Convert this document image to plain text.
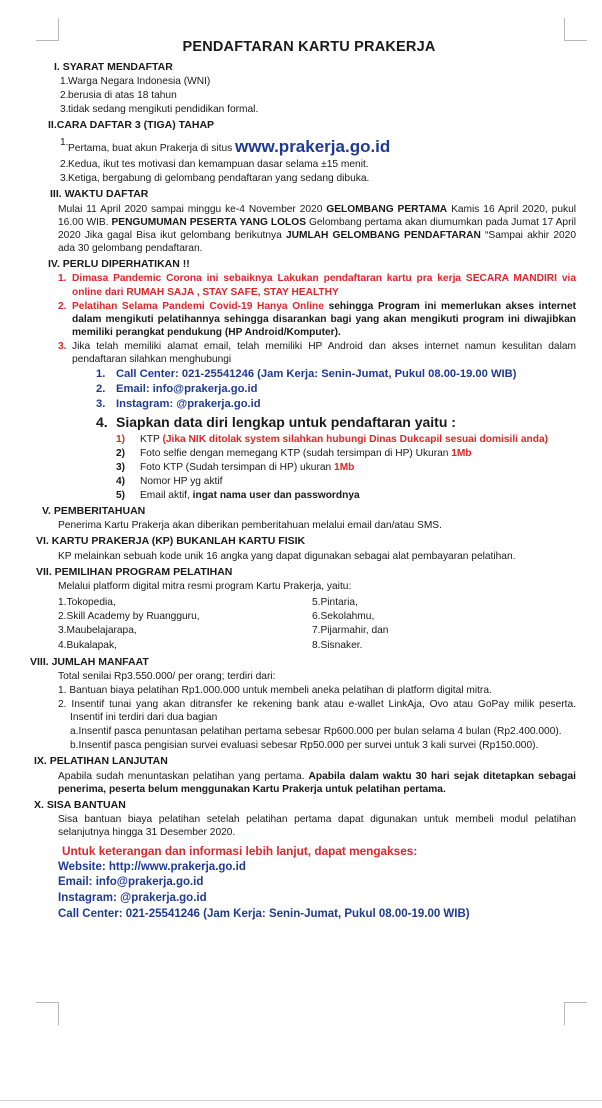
PENDAFTARAN KARTU PRAKERJA
I. SYARAT MENDAFTAR
1. Warga Negara Indonesia (WNI)
2. berusia di atas 18 tahun
3. tidak sedang mengikuti pendidikan formal.
II.CARA DAFTAR 3 (TIGA) TAHAP
1.
Pertama, buat akun Prakerja di situs www.prakerja.go.id
2. Kedua, ikut tes motivasi dan kemampuan dasar selama ±15 menit.
3. Ketiga, bergabung di gelombang pendaftaran yang sedang dibuka.
III. WAKTU DAFTAR
Mulai 11 April 2020 sampai minggu ke-4 November 2020 GELOMBANG PERTAMA Kamis 16 April 2020, pukul 16.00 WIB. PENGUMUMAN PESERTA YANG LOLOS Gelombang pertama akan diumumkan pada Jumat 17 April 2020 Jika gagal Bisa ikut gelombang berikutnya JUMLAH GELOMBANG PENDAFTARAN “Sampai akhir 2020 ada 30 gelombang pendaftaran.
IV. PERLU DIPERHATIKAN !!
1. Dimasa Pandemic Corona ini sebaiknya Lakukan pendaftaran kartu pra kerja SECARA MANDIRI via online dari RUMAH SAJA , STAY SAFE, STAY HEALTHY
2. Pelatihan Selama Pandemi Covid-19 Hanya Online sehingga Program ini memerlukan akses internet dalam mengikuti pelatihannya sehingga disarankan bagi yang akan mengikuti program ini diwajibkan memiliki perangkat pendukung (HP Android/Komputer).
3. Jika telah memiliki alamat email, telah memiliki HP Android dan akses internet namun kesulitan dalam pendaftaran silahkan menghubungi
1. Call Center: 021-25541246 (Jam Kerja: Senin-Jumat, Pukul 08.00-19.00 WIB)
2. Email: info@prakerja.go.id
3. Instagram: @prakerja.go.id
4. Siapkan data diri lengkap untuk pendaftaran yaitu :
1) KTP (Jika NIK ditolak system silahkan hubungi Dinas Dukcapil sesuai domisili anda)
2) Foto selfie dengan memegang KTP (sudah tersimpan di HP) Ukuran 1Mb
3) Foto KTP (Sudah tersimpan di HP) ukuran 1Mb
4) Nomor HP yg aktif
5) Email aktif, ingat nama user dan passwordnya
V. PEMBERITAHUAN
Penerima Kartu Prakerja akan diberikan pemberitahuan melalui email dan/atau SMS.
VI. KARTU PRAKERJA (KP) BUKANLAH KARTU FISIK
KP melainkan sebuah kode unik 16 angka yang dapat digunakan sebagai alat pembayaran pelatihan.
VII. PEMILIHAN PROGRAM PELATIHAN
Melalui platform digital mitra resmi program Kartu Prakerja, yaitu:
1.Tokopedia,
2.Skill Academy by Ruangguru,
3.Maubelajarapa,
4.Bukalapak,
5.Pintaria,
6.Sekolahmu,
7.Pijarmahir, dan
8.Sisnaker.
VIII. JUMLAH MANFAAT
Total senilai Rp3.550.000/ per orang; terdiri dari:
1. Bantuan biaya pelatihan Rp1.000.000 untuk membeli aneka pelatihan di platform digital mitra.
2. Insentif tunai yang akan ditransfer ke rekening bank atau e-wallet LinkAja, Ovo atau GoPay milik peserta. Insentif ini terdiri dari dua bagian
a.Insentif pasca penuntasan pelatihan pertama sebesar Rp600.000 per bulan selama 4 bulan (Rp2.400.000).
b.Insentif pasca pengisian survei evaluasi sebesar Rp50.000 per survei untuk 3 kali survei (Rp150.000).
IX. PELATIHAN LANJUTAN
Apabila sudah menuntaskan pelatihan yang pertama. Apabila dalam waktu 30 hari sejak ditetapkan sebagai penerima, peserta belum menggunakan Kartu Prakerja untuk pelatihan pertama.
X. SISA BANTUAN
Sisa bantuan biaya pelatihan setelah pelatihan pertama dapat digunakan untuk membeli modul pelatihan selanjutnya hingga 31 Desember 2020.
Untuk keterangan dan informasi lebih lanjut, dapat mengakses:
Website: http://www.prakerja.go.id
Email: info@prakerja.go.id
Instagram: @prakerja.go.id
Call Center: 021-25541246 (Jam Kerja: Senin-Jumat, Pukul 08.00-19.00 WIB)
